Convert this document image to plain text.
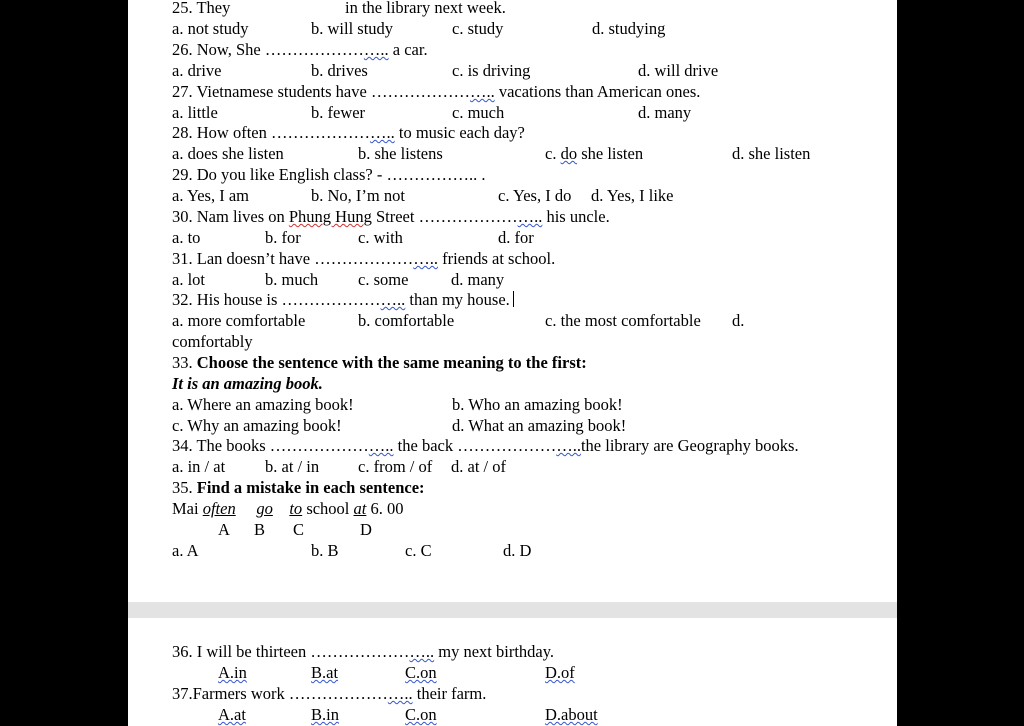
25. They	in the library next week.
a. not study	b. will study	c. study	d. studying
26. Now, She ………………….. a car.
a. drive	b. drives	c. is driving	d. will drive
27. Vietnamese students have ………………….. vacations than American ones.
a. little	b. fewer	c. much	d. many
28. How often ………………….. to music each day?
a. does she listen	b. she listens	c. do she listen	d. she listen
29. Do you like English class? - …………….. .
a. Yes, I am	b. No, I’m not	c. Yes, I do d. Yes, I like
30. Nam lives on Phung Hung Street ………………….. his uncle.
a. to	b. for	c. with	d. for
31. Lan doesn’t have ………………….. friends at school.
a. lot	b. much c. some	d. many
32. His house is ………………….. than my house.
a. more comfortable	b. comfortable	c. the most comfortable d.
comfortably
33. Choose the sentence with the same meaning to the first:
It is an amazing book.
a. Where an amazing book!	b. Who an amazing book!
c. Why an amazing book!	d. What an amazing book!
34. The books ………………….. the back …………………..the library are Geography books.
a. in / at b. at / in c. from / of d. at / of
35. Find a mistake in each sentence:
Mai often go to school at 6. 00
A B C	D
a. A	b. B	c. C	d. D
36. I will be thirteen ………………….. my next birthday.
A.in	B.at	C.on	D.of
37.Farmers work ………………….. their farm.
A.at	B.in	C.on	D.about
